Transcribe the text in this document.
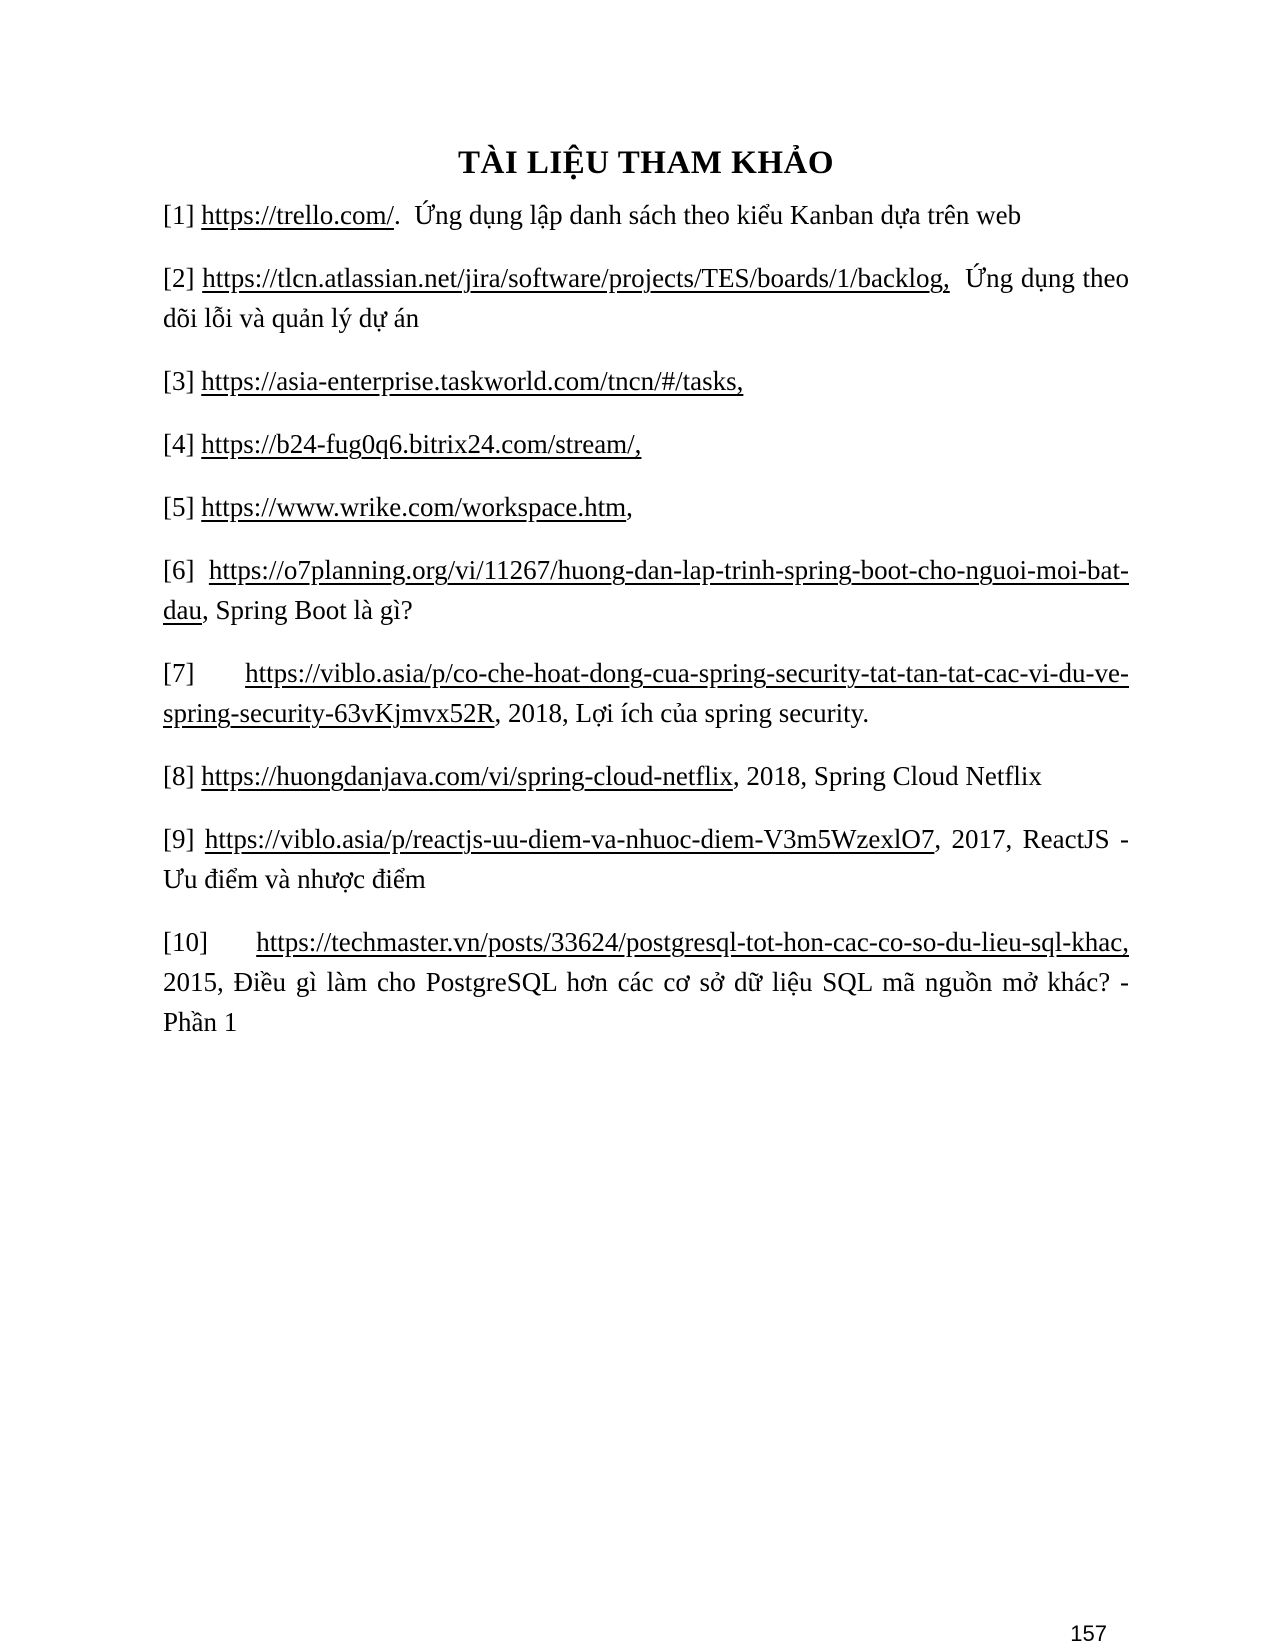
TÀI LIỆU THAM KHẢO

[1] https://trello.com/.  Ứng dụng lập danh sách theo kiểu Kanban dựa trên web

[2] https://tlcn.atlassian.net/jira/software/projects/TES/boards/1/backlog,  Ứng dụng theo dõi lỗi và quản lý dự án

[3] https://asia-enterprise.taskworld.com/tncn/#/tasks,

[4] https://b24-fug0q6.bitrix24.com/stream/,

[5] https://www.wrike.com/workspace.htm,

[6] https://o7planning.org/vi/11267/huong-dan-lap-trinh-spring-boot-cho-nguoi-moi-bat-dau, Spring Boot là gì?

[7] https://viblo.asia/p/co-che-hoat-dong-cua-spring-security-tat-tan-tat-cac-vi-du-ve-spring-security-63vKjmvx52R, 2018, Lợi ích của spring security.

[8] https://huongdanjava.com/vi/spring-cloud-netflix, 2018, Spring Cloud Netflix

[9] https://viblo.asia/p/reactjs-uu-diem-va-nhuoc-diem-V3m5WzexlO7, 2017, ReactJS - Ưu điểm và nhược điểm

[10] https://techmaster.vn/posts/33624/postgresql-tot-hon-cac-co-so-du-lieu-sql-khac, 2015, Điều gì làm cho PostgreSQL hơn các cơ sở dữ liệu SQL mã nguồn mở khác? - Phần 1

157
